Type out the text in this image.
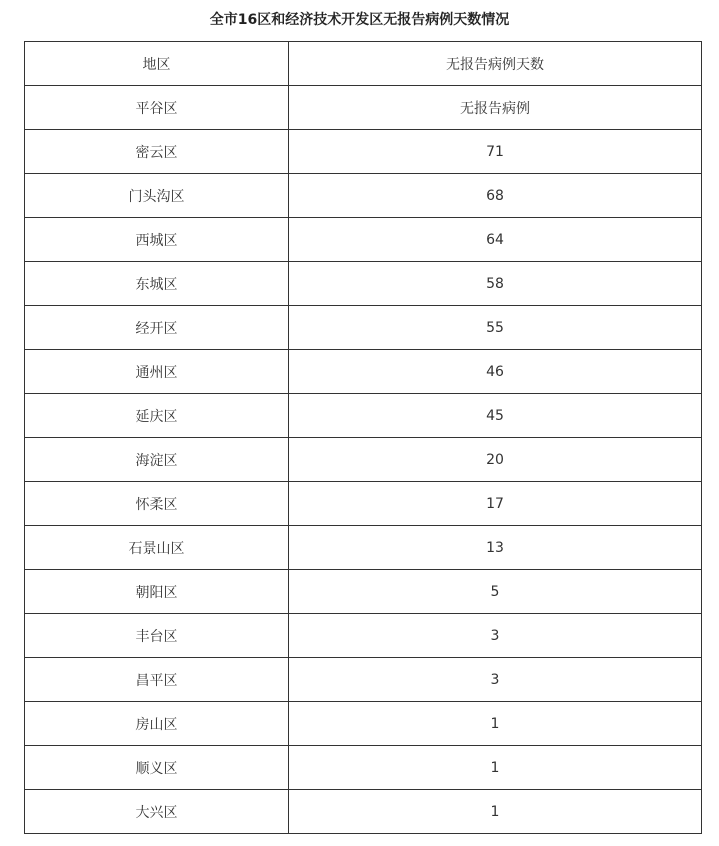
全市16区和经济技术开发区无报告病例天数情况
地区	无报告病例天数
平谷区	无报告病例
密云区	71
门头沟区	68
西城区	64
东城区	58
经开区	55
通州区	46
延庆区	45
海淀区	20
怀柔区	17
石景山区	13
朝阳区	5
丰台区	3
昌平区	3
房山区	1
顺义区	1
大兴区	1
